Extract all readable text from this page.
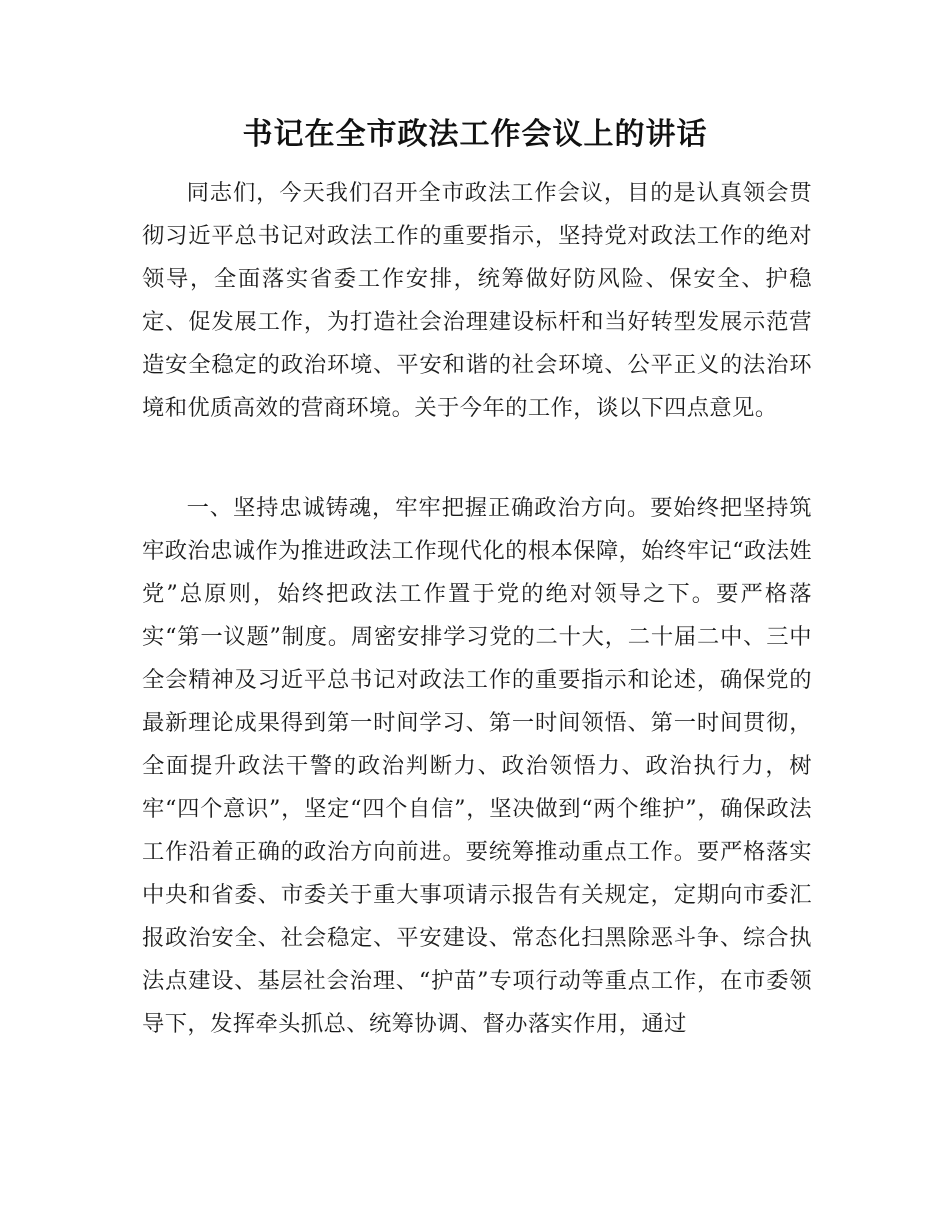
书记在全市政法工作会议上的讲话

同志们，今天我们召开全市政法工作会议，目的是认真领会贯彻习近平总书记对政法工作的重要指示，坚持党对政法工作的绝对领导，全面落实省委工作安排，统筹做好防风险、保安全、护稳定、促发展工作，为打造社会治理建设标杆和当好转型发展示范营造安全稳定的政治环境、平安和谐的社会环境、公平正义的法治环境和优质高效的营商环境。关于今年的工作，谈以下四点意见。

一、坚持忠诚铸魂，牢牢把握正确政治方向。要始终把坚持筑牢政治忠诚作为推进政法工作现代化的根本保障，始终牢记“政法姓党”总原则，始终把政法工作置于党的绝对领导之下。要严格落实“第一议题”制度。周密安排学习党的二十大，二十届二中、三中全会精神及习近平总书记对政法工作的重要指示和论述，确保党的最新理论成果得到第一时间学习、第一时间领悟、第一时间贯彻，全面提升政法干警的政治判断力、政治领悟力、政治执行力，树牢“四个意识”，坚定“四个自信”，坚决做到“两个维护”，确保政法工作沿着正确的政治方向前进。要统筹推动重点工作。要严格落实中央和省委、市委关于重大事项请示报告有关规定，定期向市委汇报政治安全、社会稳定、平安建设、常态化扫黑除恶斗争、综合执法点建设、基层社会治理、“护苗”专项行动等重点工作，在市委领导下，发挥牵头抓总、统筹协调、督办落实作用，通过
